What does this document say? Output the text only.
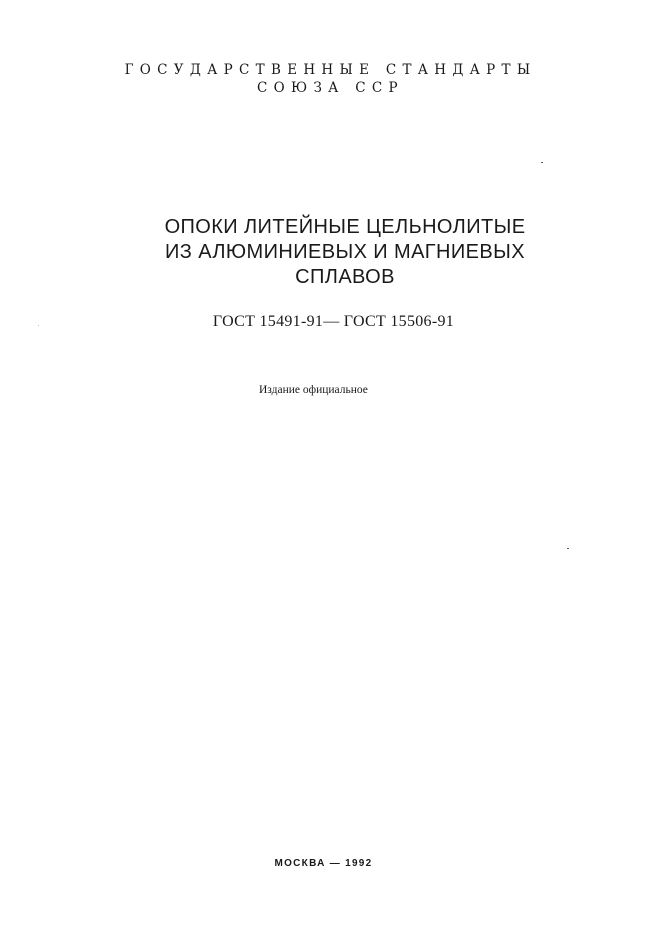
ГОСУДАРСТВЕННЫЕ СТАНДАРТЫ
СОЮЗА ССР
ОПОКИ ЛИТЕЙНЫЕ ЦЕЛЬНОЛИТЫЕ
ИЗ АЛЮМИНИЕВЫХ И МАГНИЕВЫХ
СПЛАВОВ
ГОСТ 15491-91— ГОСТ 15506-91
Издание официальное
МОСКВА — 1992
